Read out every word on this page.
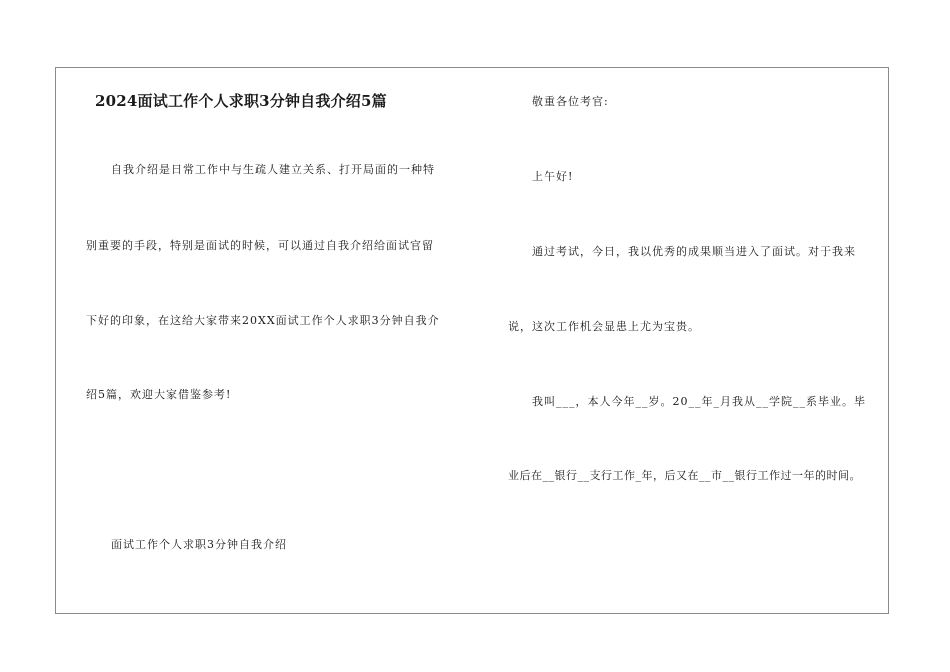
2024面试工作个人求职3分钟自我介绍5篇
自我介绍是日常工作中与生疏人建立关系、打开局面的一种特
别重要的手段，特别是面试的时候，可以通过自我介绍给面试官留
下好的印象，在这给大家带来20XX面试工作个人求职3分钟自我介
绍5篇，欢迎大家借鉴参考!
面试工作个人求职3分钟自我介绍
敬重各位考官:
上午好!
通过考试，今日，我以优秀的成果顺当进入了面试。对于我来
说，这次工作机会显患上尤为宝贵。
我叫___，本人今年__岁。20__年_月我从__学院__系毕业。毕
业后在__银行__支行工作_年，后又在__市__银行工作过一年的时间。
